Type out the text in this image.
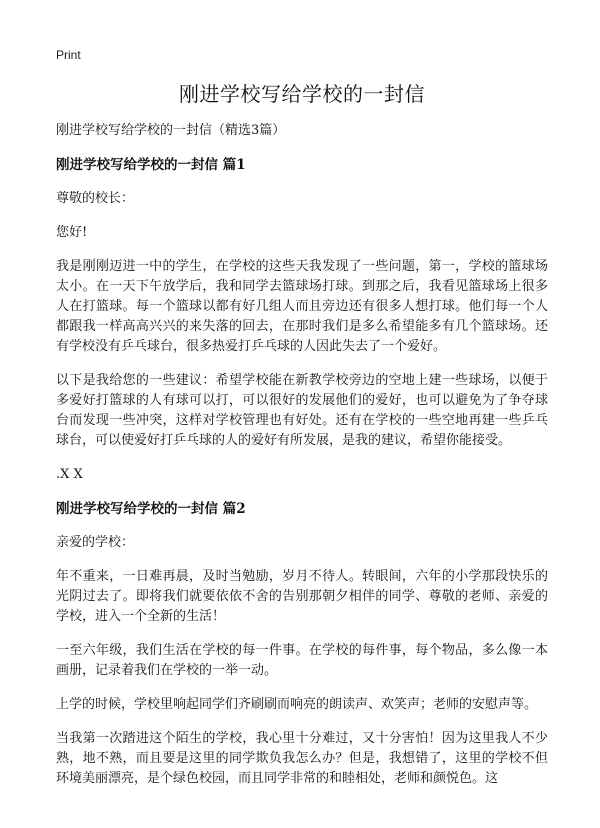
Print
刚进学校写给学校的一封信
刚进学校写给学校的一封信（精选3篇）
刚进学校写给学校的一封信 篇1

尊敬的校长：

您好!

我是刚刚迈进一中的学生，在学校的这些天我发现了一些问题，第一，学校的篮球场太小。在一天下午放学后，我和同学去篮球场打球。到那之后，我看见篮球场上很多人在打篮球。每一个篮球以都有好几组人而且旁边还有很多人想打球。他们每一个人都跟我一样高高兴兴的来失落的回去，在那时我们是多么希望能多有几个篮球场。还有学校没有乒乓球台，很多热爱打乒乓球的人因此失去了一个爱好。

以下是我给您的一些建议：希望学校能在新教学校旁边的空地上建一些球场，以便于多爱好打篮球的人有球可以打，可以很好的发展他们的爱好，也可以避免为了争夺球台而发现一些冲突，这样对学校管理也有好处。还有在学校的一些空地再建一些乒乓球台，可以使爱好打乒乓球的人的爱好有所发展，是我的建议，希望你能接受。

.X X

刚进学校写给学校的一封信 篇2

亲爱的学校：

年不重来，一日难再晨，及时当勉励，岁月不待人。转眼间，六年的小学那段快乐的光阴过去了。即将我们就要依依不舍的告别那朝夕相伴的同学、尊敬的老师、亲爱的学校，进入一个全新的生活！

一至六年级，我们生活在学校的每一件事。在学校的每件事，每个物品，多么像一本画册，记录着我们在学校的一举一动。

上学的时候，学校里响起同学们齐刷刷而响亮的朗读声、欢笑声；老师的安慰声等。

当我第一次踏进这个陌生的学校，我心里十分难过，又十分害怕！因为这里我人不少熟，地不熟，而且要是这里的同学欺负我怎么办？但是，我想错了，这里的学校不但环境美丽漂亮，是个绿色校园，而且同学非常的和睦相处，老师和颜悦色。这
